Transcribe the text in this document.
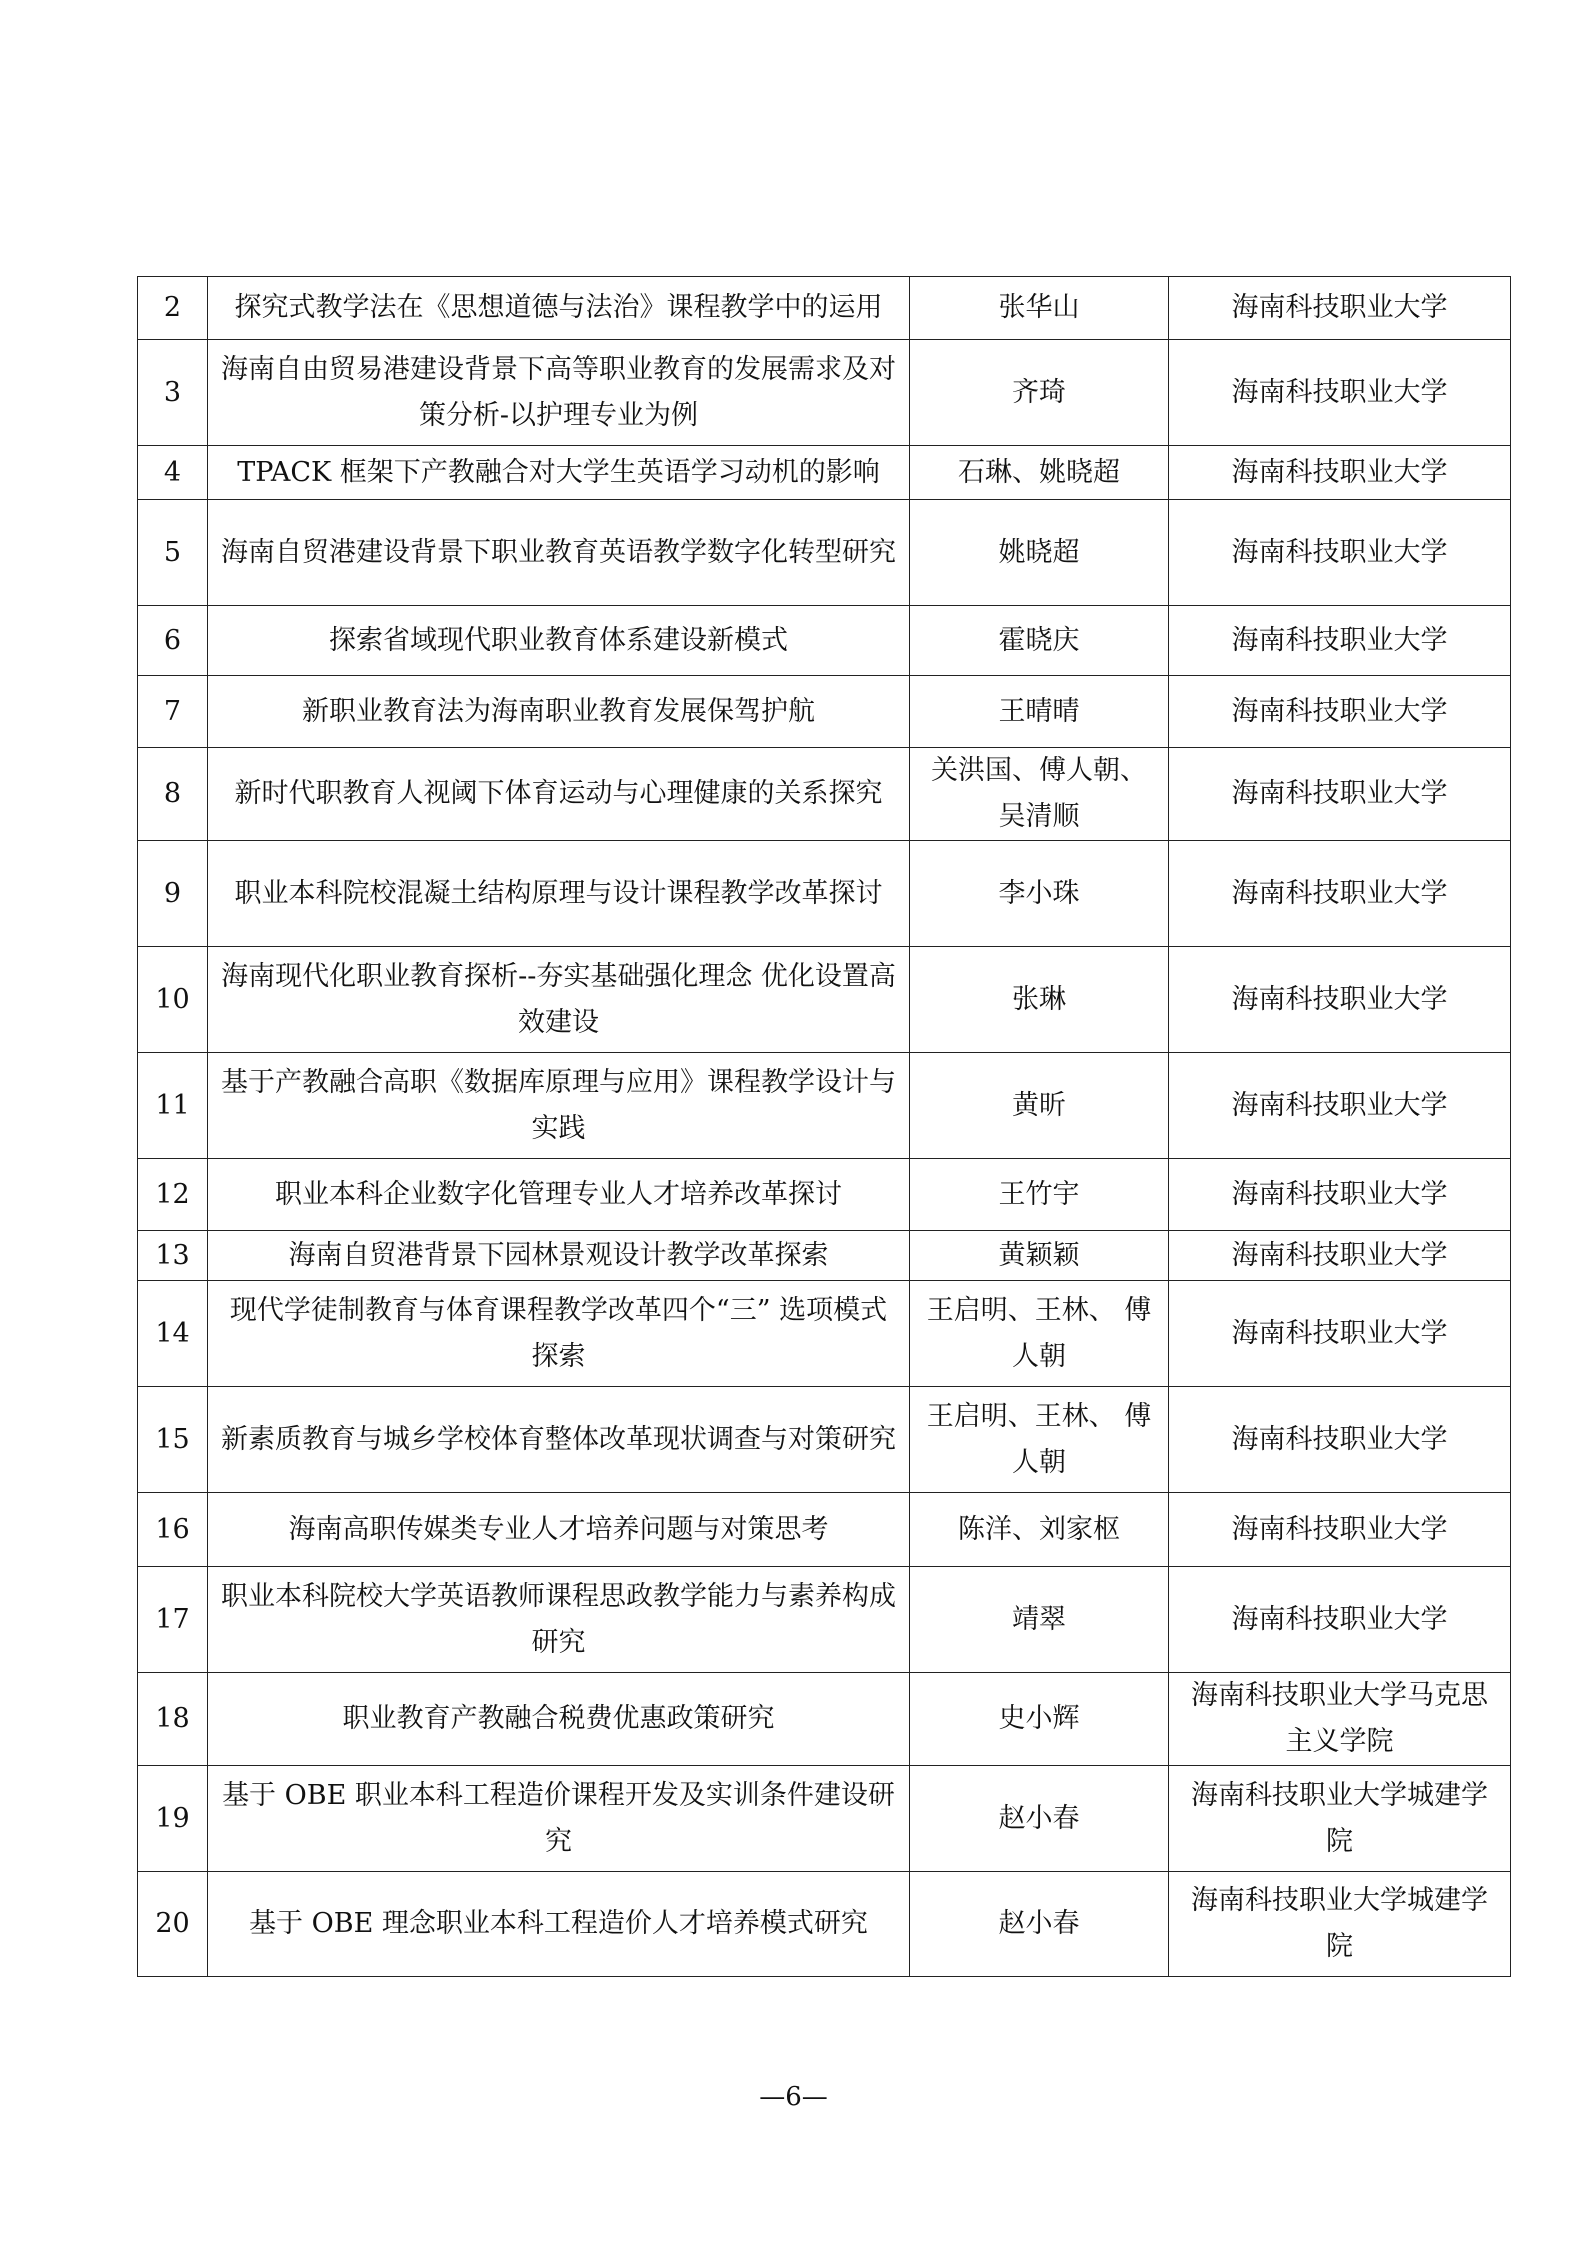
2	探究式教学法在《思想道德与法治》课程教学中的运用	张华山	海南科技职业大学
3	海南自由贸易港建设背景下高等职业教育的发展需求及对策分析-以护理专业为例	齐琦	海南科技职业大学
4	TPACK 框架下产教融合对大学生英语学习动机的影响	石琳、姚晓超	海南科技职业大学
5	海南自贸港建设背景下职业教育英语教学数字化转型研究	姚晓超	海南科技职业大学
6	探索省域现代职业教育体系建设新模式	霍晓庆	海南科技职业大学
7	新职业教育法为海南职业教育发展保驾护航	王晴晴	海南科技职业大学
8	新时代职教育人视阈下体育运动与心理健康的关系探究	关洪国、傅人朝、吴清顺	海南科技职业大学
9	职业本科院校混凝土结构原理与设计课程教学改革探讨	李小珠	海南科技职业大学
10	海南现代化职业教育探析--夯实基础强化理念 优化设置高效建设	张琳	海南科技职业大学
11	基于产教融合高职《数据库原理与应用》课程教学设计与实践	黄昕	海南科技职业大学
12	职业本科企业数字化管理专业人才培养改革探讨	王竹宇	海南科技职业大学
13	海南自贸港背景下园林景观设计教学改革探索	黄颖颖	海南科技职业大学
14	现代学徒制教育与体育课程教学改革四个“三” 选项模式探索	王启明、王林、 傅人朝	海南科技职业大学
15	新素质教育与城乡学校体育整体改革现状调查与对策研究	王启明、王林、 傅人朝	海南科技职业大学
16	海南高职传媒类专业人才培养问题与对策思考	陈洋、刘家枢	海南科技职业大学
17	职业本科院校大学英语教师课程思政教学能力与素养构成研究	靖翠	海南科技职业大学
18	职业教育产教融合税费优惠政策研究	史小辉	海南科技职业大学马克思主义学院
19	基于 OBE 职业本科工程造价课程开发及实训条件建设研究	赵小春	海南科技职业大学城建学院
20	基于 OBE 理念职业本科工程造价人才培养模式研究	赵小春	海南科技职业大学城建学院
—6—
